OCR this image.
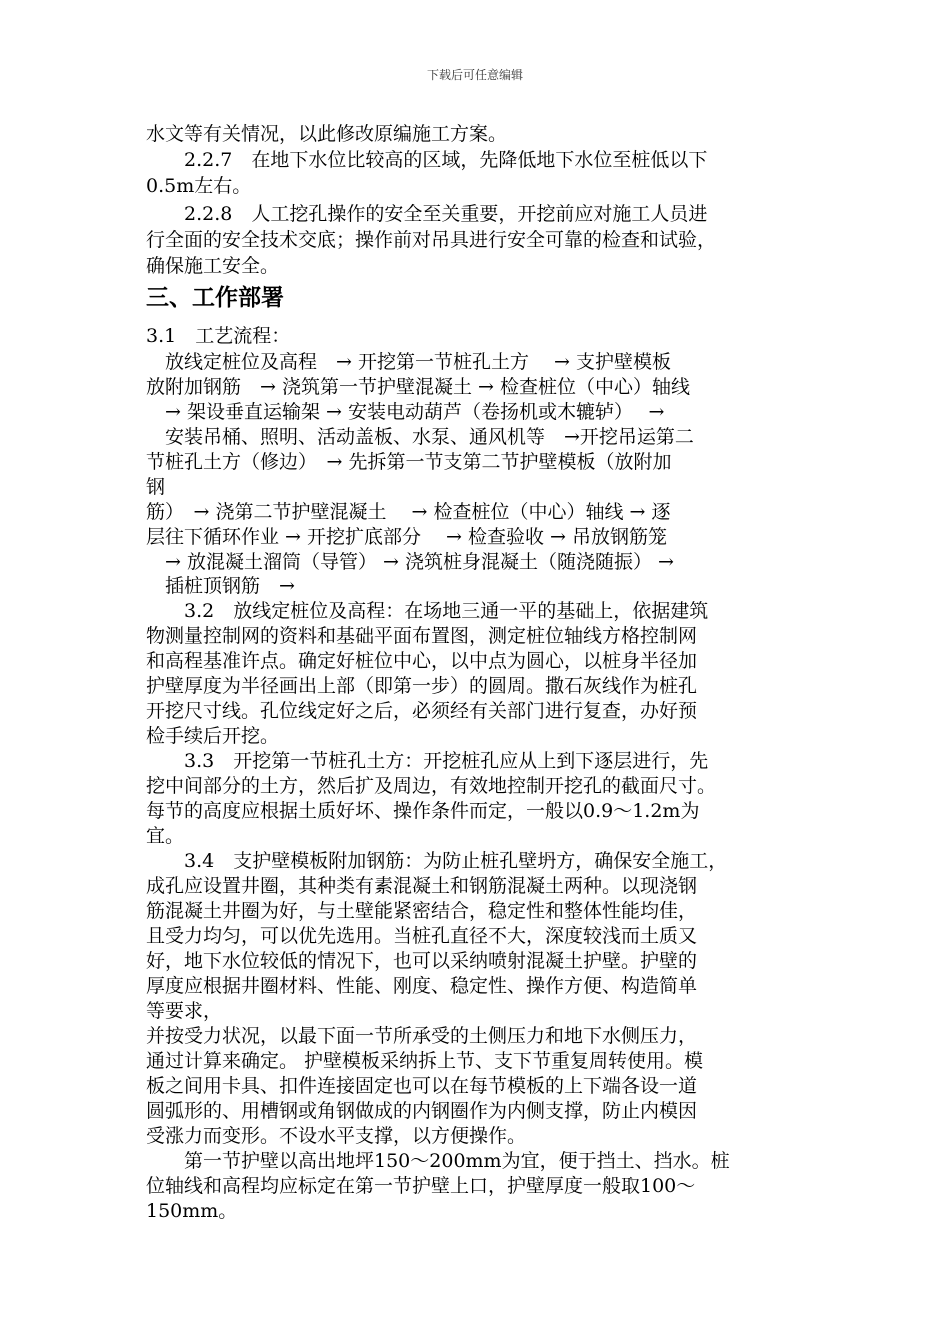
下载后可任意编辑
水文等有关情况，以此修改原编施工方案。
　　2.2.7　在地下水位比较高的区域，先降低地下水位至桩低以下
0.5m左右。
　　2.2.8　人工挖孔操作的安全至关重要，开挖前应对施工人员进
行全面的安全技术交底；操作前对吊具进行安全可靠的检查和试验，
确保施工安全。
三、工作部署
3.1　工艺流程：
　放线定桩位及高程　→ 开挖第一节桩孔土方　 → 支护壁模板
放附加钢筋　→ 浇筑第一节护壁混凝土 → 检查桩位（中心）轴线
　→ 架设垂直运输架 → 安装电动葫芦（卷扬机或木辘轳）　 →
　安装吊桶、照明、活动盖板、水泵、通风机等　→开挖吊运第二
节桩孔土方（修边）　→ 先拆第一节支第二节护壁模板（放附加
钢
筋）　→ 浇第二节护壁混凝土　 → 检查桩位（中心）轴线 → 逐
层往下循环作业 → 开挖扩底部分　 → 检查验收 → 吊放钢筋笼
　→ 放混凝土溜筒（导管） → 浇筑桩身混凝土（随浇随振） →
　插桩顶钢筋　→
　　3.2　放线定桩位及高程：在场地三通一平的基础上，依据建筑
物测量控制网的资料和基础平面布置图，测定桩位轴线方格控制网
和高程基准许点。确定好桩位中心，以中点为圆心，以桩身半径加
护壁厚度为半径画出上部（即第一步）的圆周。撒石灰线作为桩孔
开挖尺寸线。孔位线定好之后，必须经有关部门进行复查，办好预
检手续后开挖。
　　3.3　开挖第一节桩孔土方：开挖桩孔应从上到下逐层进行，先
挖中间部分的土方，然后扩及周边，有效地控制开挖孔的截面尺寸。
每节的高度应根据土质好坏、操作条件而定，一般以0.9～1.2m为
宜。
　　3.4　支护壁模板附加钢筋：为防止桩孔壁坍方，确保安全施工，
成孔应设置井圈，其种类有素混凝土和钢筋混凝土两种。以现浇钢
筋混凝土井圈为好，与土壁能紧密结合，稳定性和整体性能均佳，
且受力均匀，可以优先选用。当桩孔直径不大，深度较浅而土质又
好，地下水位较低的情况下，也可以采纳喷射混凝土护壁。护壁的
厚度应根据井圈材料、性能、刚度、稳定性、操作方便、构造简单
等要求，
并按受力状况，以最下面一节所承受的土侧压力和地下水侧压力，
通过计算来确定。 护壁模板采纳拆上节、支下节重复周转使用。模
板之间用卡具、扣件连接固定也可以在每节模板的上下端各设一道
圆弧形的、用槽钢或角钢做成的内钢圈作为内侧支撑，防止内模因
受涨力而变形。不设水平支撑，以方便操作。
　　第一节护壁以高出地坪150～200mm为宜，便于挡土、挡水。桩
位轴线和高程均应标定在第一节护壁上口，护壁厚度一般取100～
150mm。
